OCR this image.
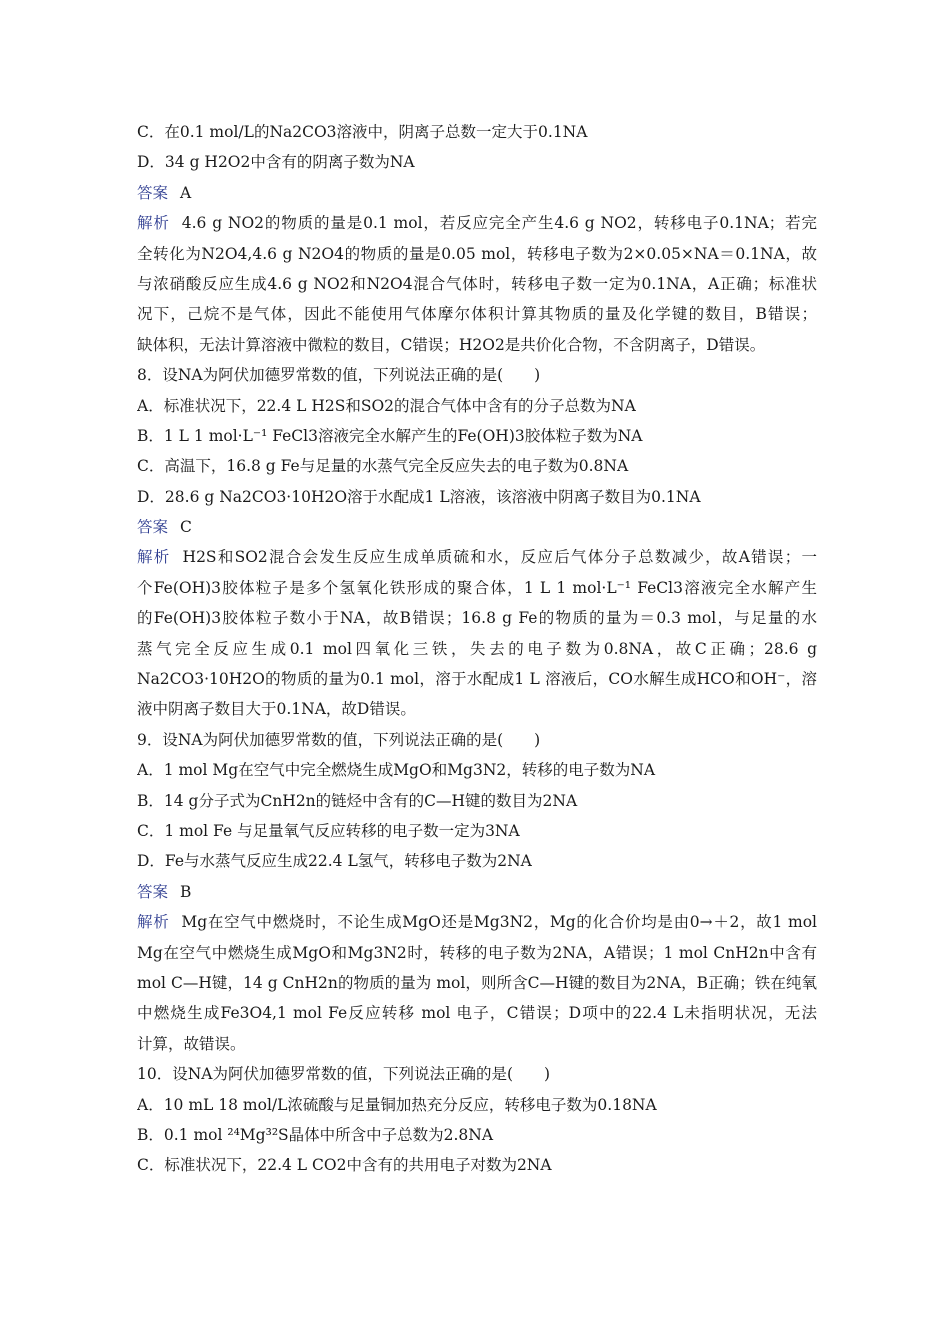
C．在0.1 mol/L的Na2CO3溶液中，阴离子总数一定大于0.1NA
D．34 g H2O2中含有的阴离子数为NA
答案 A
解析 4.6 g NO2的物质的量是0.1 mol，若反应完全产生4.6 g NO2，转移电子0.1NA；若完
全转化为N2O4,4.6 g N2O4的物质的量是0.05 mol，转移电子数为2×0.05×NA＝0.1NA，故
与浓硝酸反应生成4.6 g NO2和N2O4混合气体时，转移电子数一定为0.1NA，A正确；标准状
况下，己烷不是气体，因此不能使用气体摩尔体积计算其物质的量及化学键的数目，B错误；
缺体积，无法计算溶液中微粒的数目，C错误；H2O2是共价化合物，不含阴离子，D错误。
8．设NA为阿伏加德罗常数的值，下列说法正确的是(　　)
A．标准状况下，22.4 L H2S和SO2的混合气体中含有的分子总数为NA
B．1 L 1 mol·L⁻¹ FeCl3溶液完全水解产生的Fe(OH)3胶体粒子数为NA
C．高温下，16.8 g Fe与足量的水蒸气完全反应失去的电子数为0.8NA
D．28.6 g Na2CO3·10H2O溶于水配成1 L溶液，该溶液中阴离子数目为0.1NA
答案 C
解析 H2S和SO2混合会发生反应生成单质硫和水，反应后气体分子总数减少，故A错误；一
个Fe(OH)3胶体粒子是多个氢氧化铁形成的聚合体，1 L 1 mol·L⁻¹ FeCl3溶液完全水解产生
的Fe(OH)3胶体粒子数小于NA，故B错误；16.8 g Fe的物质的量为＝0.3 mol，与足量的水
蒸气完全反应生成0.1 mol四氧化三铁，失去的电子数为0.8NA，故C正确；28.6 g
Na2CO3·10H2O的物质的量为0.1 mol，溶于水配成1 L 溶液后，CO水解生成HCO和OH⁻，溶
液中阴离子数目大于0.1NA，故D错误。
9．设NA为阿伏加德罗常数的值，下列说法正确的是(　　)
A．1 mol Mg在空气中完全燃烧生成MgO和Mg3N2，转移的电子数为NA
B．14 g分子式为CnH2n的链烃中含有的C—H键的数目为2NA
C．1 mol Fe 与足量氧气反应转移的电子数一定为3NA
D．Fe与水蒸气反应生成22.4 L氢气，转移电子数为2NA
答案 B
解析 Mg在空气中燃烧时，不论生成MgO还是Mg3N2，Mg的化合价均是由0→＋2，故1 mol
Mg在空气中燃烧生成MgO和Mg3N2时，转移的电子数为2NA，A错误；1 mol CnH2n中含有
mol C—H键，14 g CnH2n的物质的量为 mol，则所含C—H键的数目为2NA，B正确；铁在纯氧
中燃烧生成Fe3O4,1 mol Fe反应转移 mol 电子，C错误；D项中的22.4 L未指明状况，无法
计算，故错误。
10．设NA为阿伏加德罗常数的值，下列说法正确的是(　　)
A．10 mL 18 mol/L浓硫酸与足量铜加热充分反应，转移电子数为0.18NA
B．0.1 mol ²⁴Mg³²S晶体中所含中子总数为2.8NA
C．标准状况下，22.4 L CO2中含有的共用电子对数为2NA
